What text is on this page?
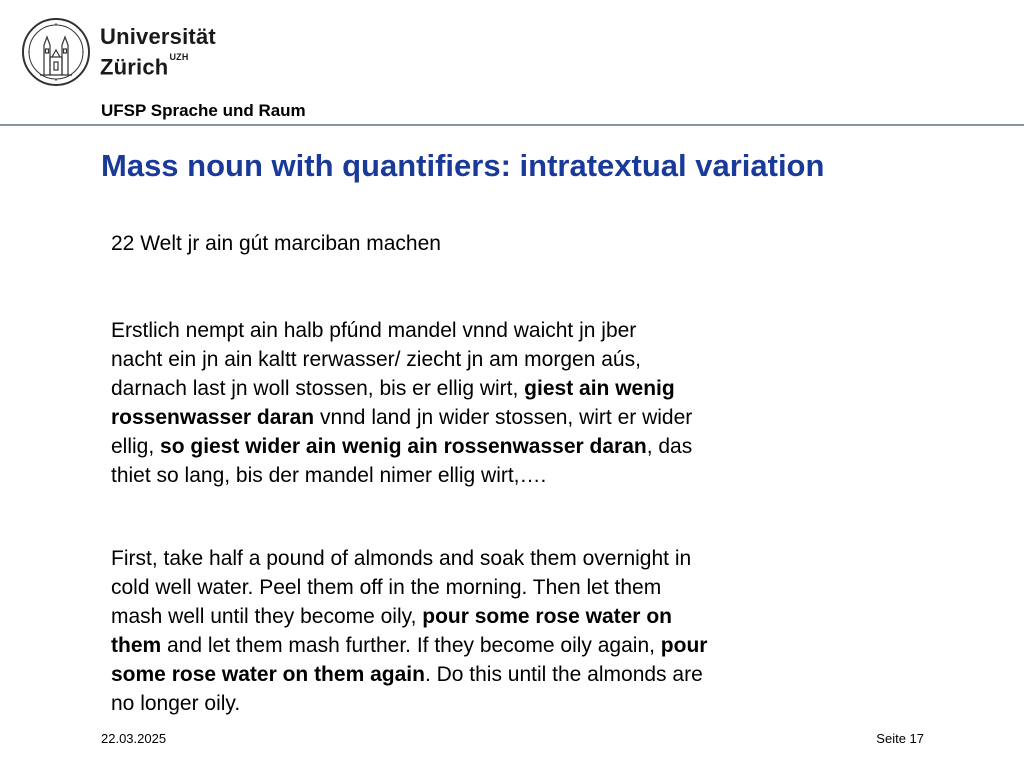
Universität
Zürich$^{UZH}$
UFSP Sprache und Raum
Mass noun with quantifiers: intratextual variation
22 Welt jr ain gút marciban machen
Erstlich nempt ain halb pfúnd mandel vnnd waicht jn jber
nacht ein jn ain kaltt rerwasser/ ziecht jn am morgen aús,
darnach last jn woll stossen, bis er ellig wirt, giest ain wenig
rossenwasser daran vnnd land jn wider stossen, wirt er wider
ellig, so giest wider ain wenig ain rossenwasser daran, das
thiet so lang, bis der mandel nimer ellig wirt,….
First, take half a pound of almonds and soak them overnight in
cold well water. Peel them off in the morning. Then let them
mash well until they become oily, pour some rose water on
them and let them mash further. If they become oily again, pour
some rose water on them again. Do this until the almonds are
no longer oily.
22.03.2025	Seite 17
